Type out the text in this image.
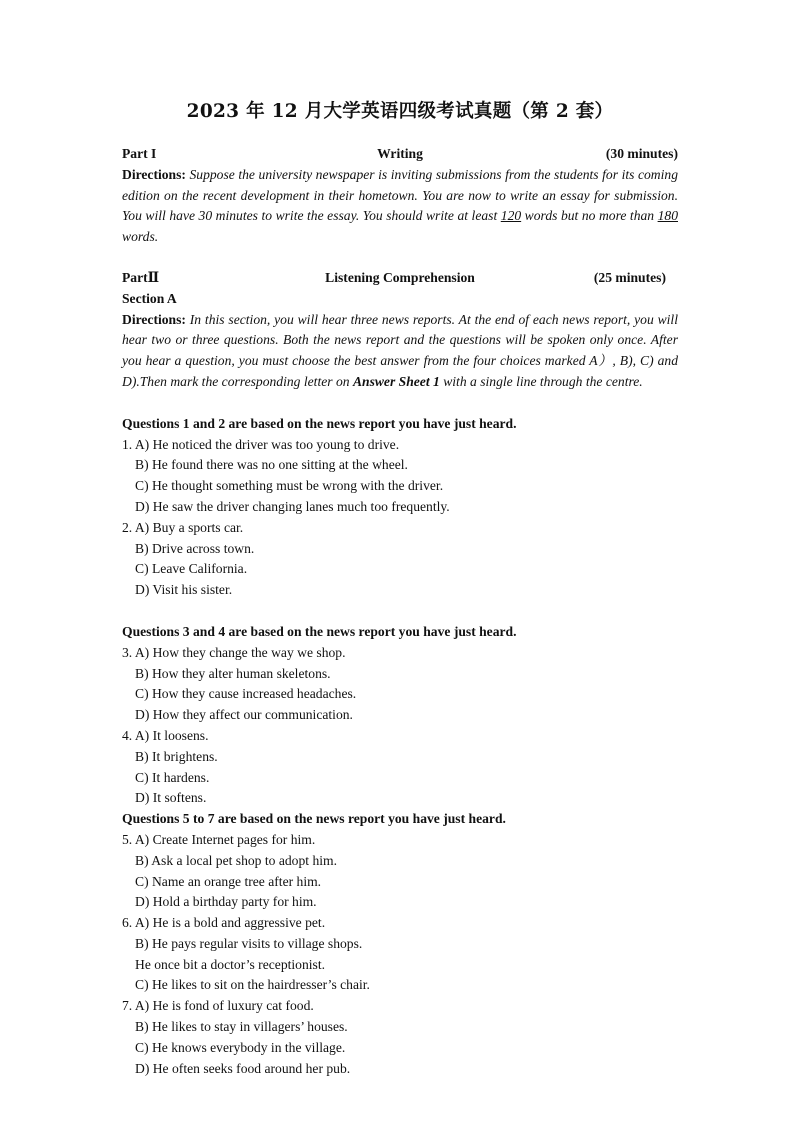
2023 年 12 月大学英语四级考试真题（第 2 套）
Part I	Writing	(30 minutes)
Directions: Suppose the university newspaper is inviting submissions from the students for its coming edition on the recent development in their hometown. You are now to write an essay for submission. You will have 30 minutes to write the essay. You should write at least 120 words but no more than 180 words.
PartⅡ	Listening Comprehension	(25 minutes)
Section A
Directions: In this section, you will hear three news reports. At the end of each news report, you will hear two or three questions. Both the news report and the questions will be spoken only once. After you hear a question, you must choose the best answer from the four choices marked A）, B), C) and D).Then mark the corresponding letter on Answer Sheet 1 with a single line through the centre.
Questions 1 and 2 are based on the news report you have just heard.
1. A) He noticed the driver was too young to drive.
B) He found there was no one sitting at the wheel.
C) He thought something must be wrong with the driver.
D) He saw the driver changing lanes much too frequently.
2. A) Buy a sports car.
B) Drive across town.
C) Leave California.
D) Visit his sister.
Questions 3 and 4 are based on the news report you have just heard.
3. A) How they change the way we shop.
B) How they alter human skeletons.
C) How they cause increased headaches.
D) How they affect our communication.
4. A) It loosens.
B) It brightens.
C) It hardens.
D) It softens.
Questions 5 to 7 are based on the news report you have just heard.
5. A) Create Internet pages for him.
B) Ask a local pet shop to adopt him.
C) Name an orange tree after him.
D) Hold a birthday party for him.
6. A) He is a bold and aggressive pet.
B) He pays regular visits to village shops.
He once bit a doctor’s receptionist.
C) He likes to sit on the hairdresser’s chair.
7. A) He is fond of luxury cat food.
B) He likes to stay in villagers’ houses.
C) He knows everybody in the village.
D) He often seeks food around her pub.
